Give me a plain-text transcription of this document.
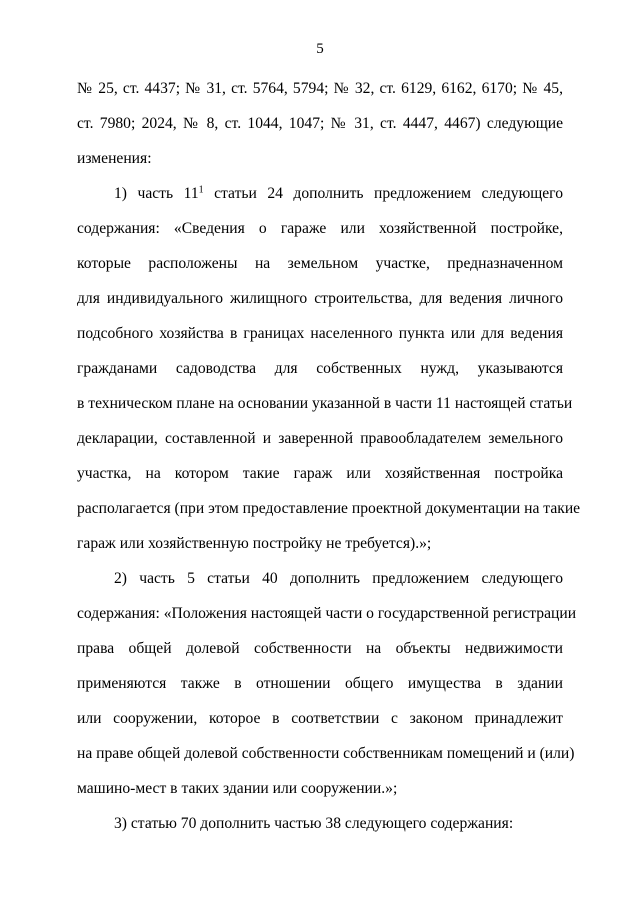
5
№ 25, ст. 4437; № 31, ст. 5764, 5794; № 32, ст. 6129, 6162, 6170; № 45,
ст. 7980; 2024, № 8, ст. 1044, 1047; № 31, ст. 4447, 4467) следующие
изменения:
1) часть $11^1$ статьи 24 дополнить предложением следующего
содержания: «Сведения о гараже или хозяйственной постройке,
которые расположены на земельном участке, предназначенном
для индивидуального жилищного строительства, для ведения личного
подсобного хозяйства в границах населенного пункта или для ведения
гражданами садоводства для собственных нужд, указываются
в техническом плане на основании указанной в части 11 настоящей статьи
декларации, составленной и заверенной правообладателем земельного
участка, на котором такие гараж или хозяйственная постройка
располагается (при этом предоставление проектной документации на такие
гараж или хозяйственную постройку не требуется).»;
2) часть 5 статьи 40 дополнить предложением следующего
содержания: «Положения настоящей части о государственной регистрации
права общей долевой собственности на объекты недвижимости
применяются также в отношении общего имущества в здании
или сооружении, которое в соответствии с законом принадлежит
на праве общей долевой собственности собственникам помещений и (или)
машино-мест в таких здании или сооружении.»;
3) статью 70 дополнить частью 38 следующего содержания:
